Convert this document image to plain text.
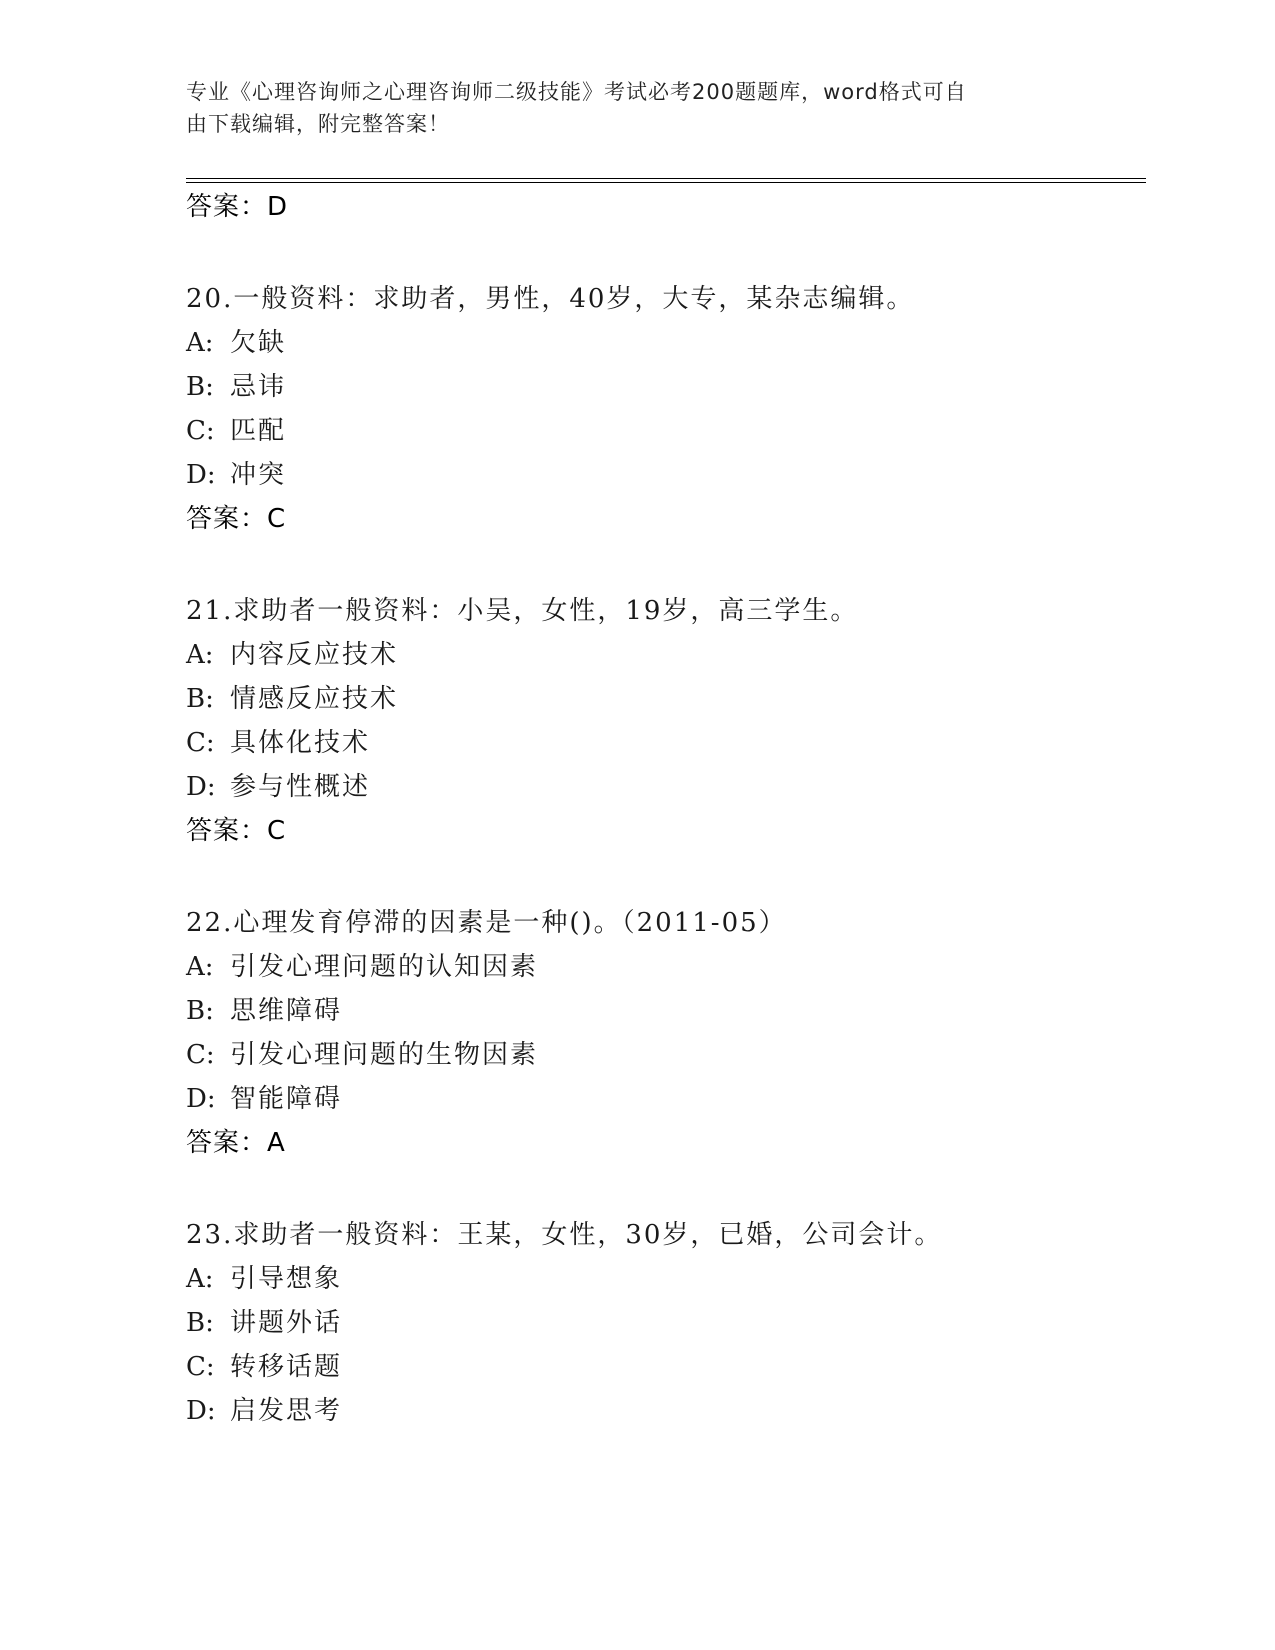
专业《心理咨询师之心理咨询师二级技能》考试必考200题题库，word格式可自
由下载编辑，附完整答案！
答案：D
20.一般资料：求助者，男性，40岁，大专，某杂志编辑。
A: 欠缺
B: 忌讳
C: 匹配
D: 冲突
答案：C
21.求助者一般资料：小吴，女性，19岁，高三学生。
A: 内容反应技术
B: 情感反应技术
C: 具体化技术
D: 参与性概述
答案：C
22.心理发育停滞的因素是一种()。（2011-05）
A: 引发心理问题的认知因素
B: 思维障碍
C: 引发心理问题的生物因素
D: 智能障碍
答案：A
23.求助者一般资料：王某，女性，30岁，已婚，公司会计。
A: 引导想象
B: 讲题外话
C: 转移话题
D: 启发思考
